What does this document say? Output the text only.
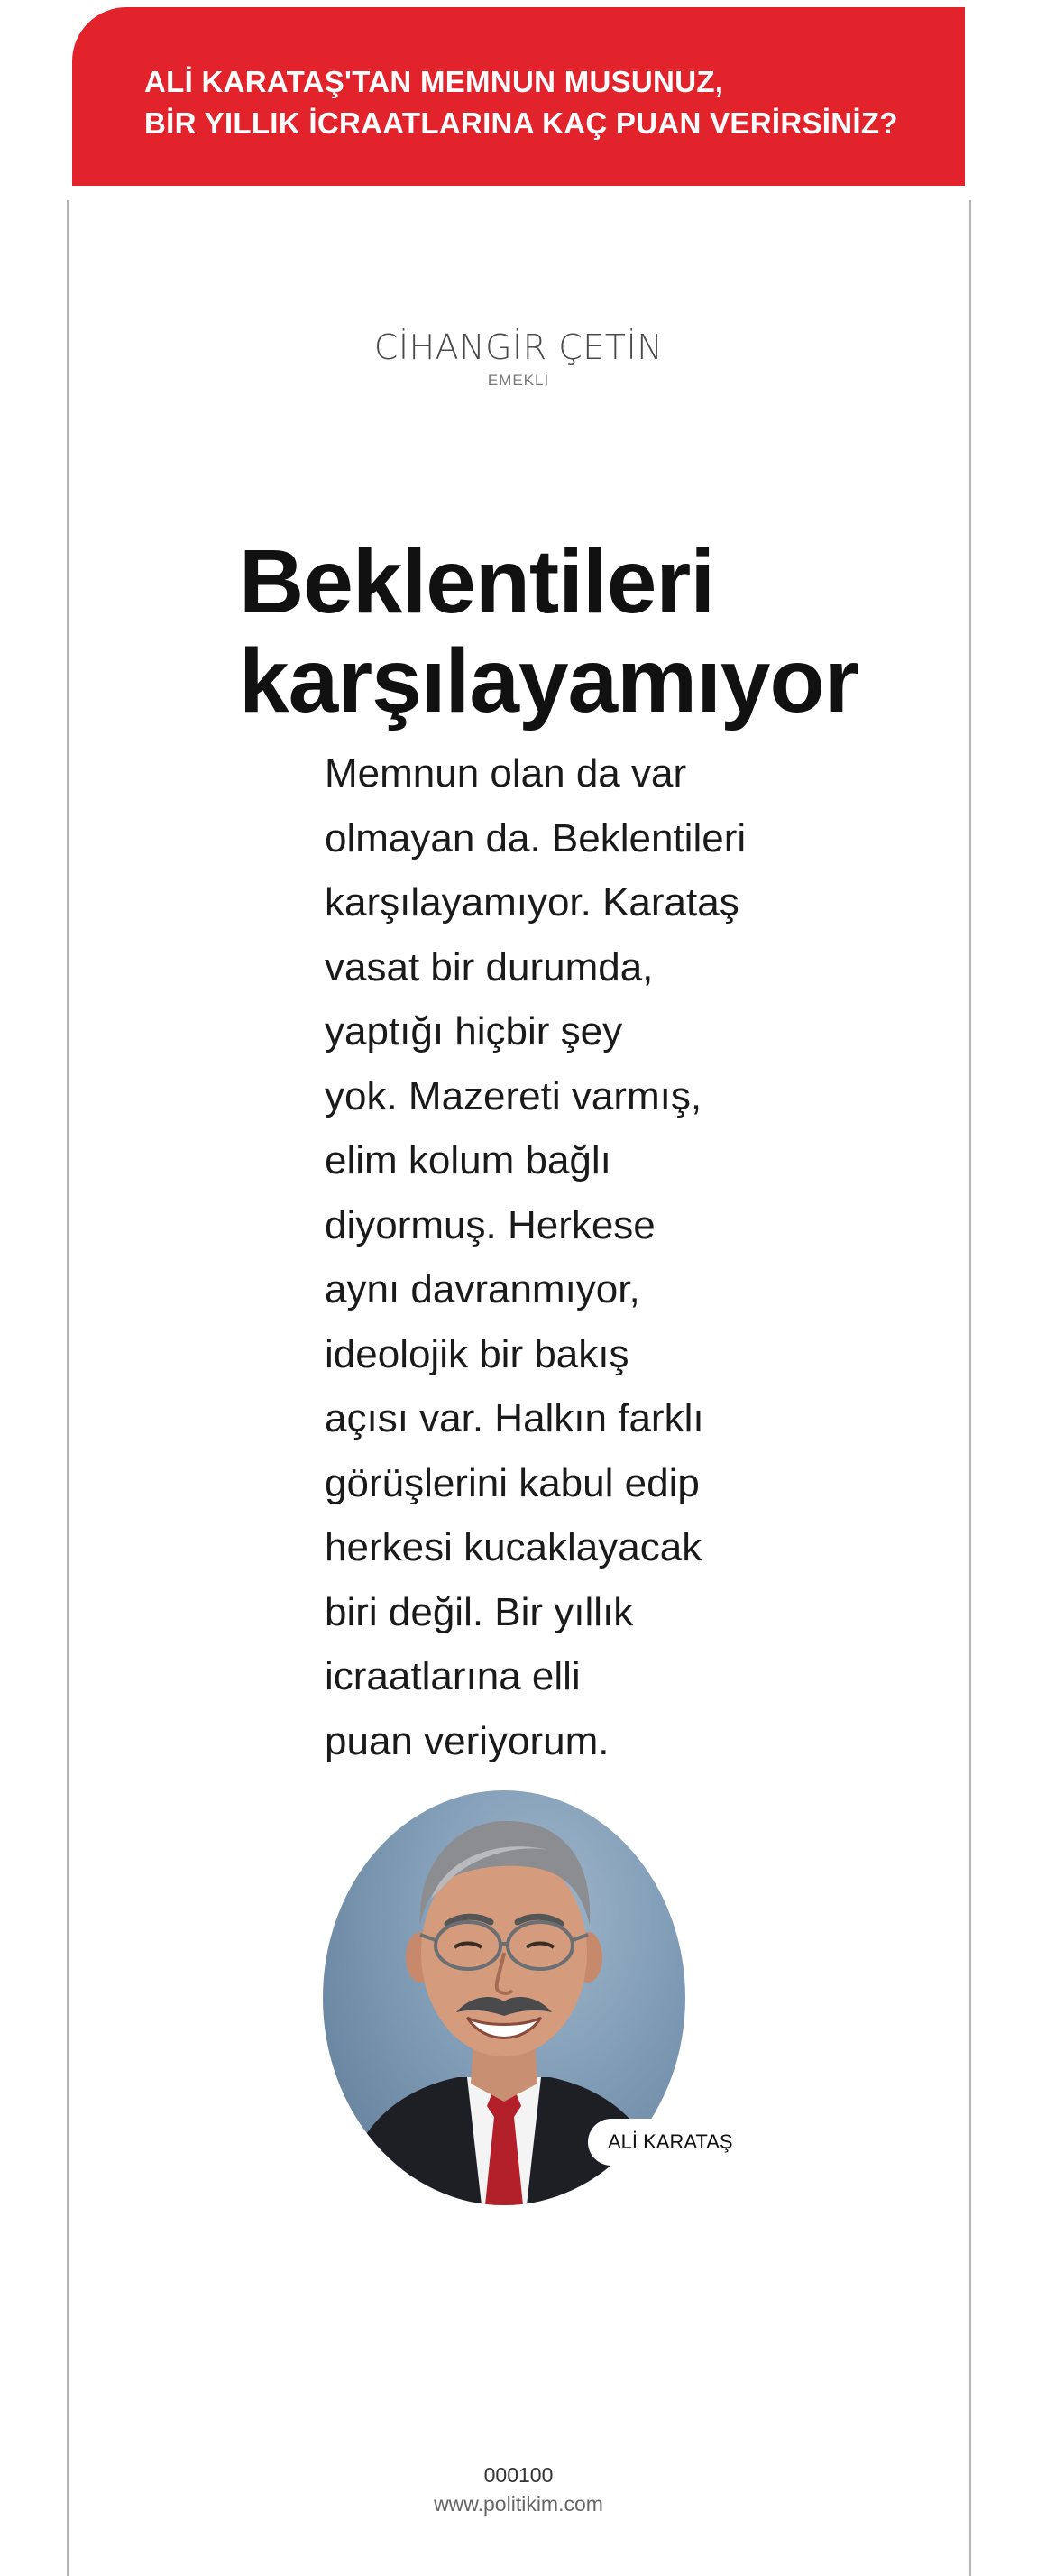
ALİ KARATAŞ'TAN MEMNUN MUSUNUZ,
BİR YILLIK İCRAATLARINA KAÇ PUAN VERİRSİNİZ?
CİHANGİR ÇETİN
EMEKLİ
Beklentileri
karşılayamıyor
Memnun olan da var
olmayan da. Beklentileri
karşılayamıyor. Karataş
vasat bir durumda,
yaptığı hiçbir şey
yok. Mazereti varmış,
elim kolum bağlı
diyormuş. Herkese
aynı davranmıyor,
ideolojik bir bakış
açısı var. Halkın farklı
görüşlerini kabul edip
herkesi kucaklayacak
biri değil. Bir yıllık
icraatlarına elli
puan veriyorum.
ALİ KARATAŞ
000100
www.politikim.com
